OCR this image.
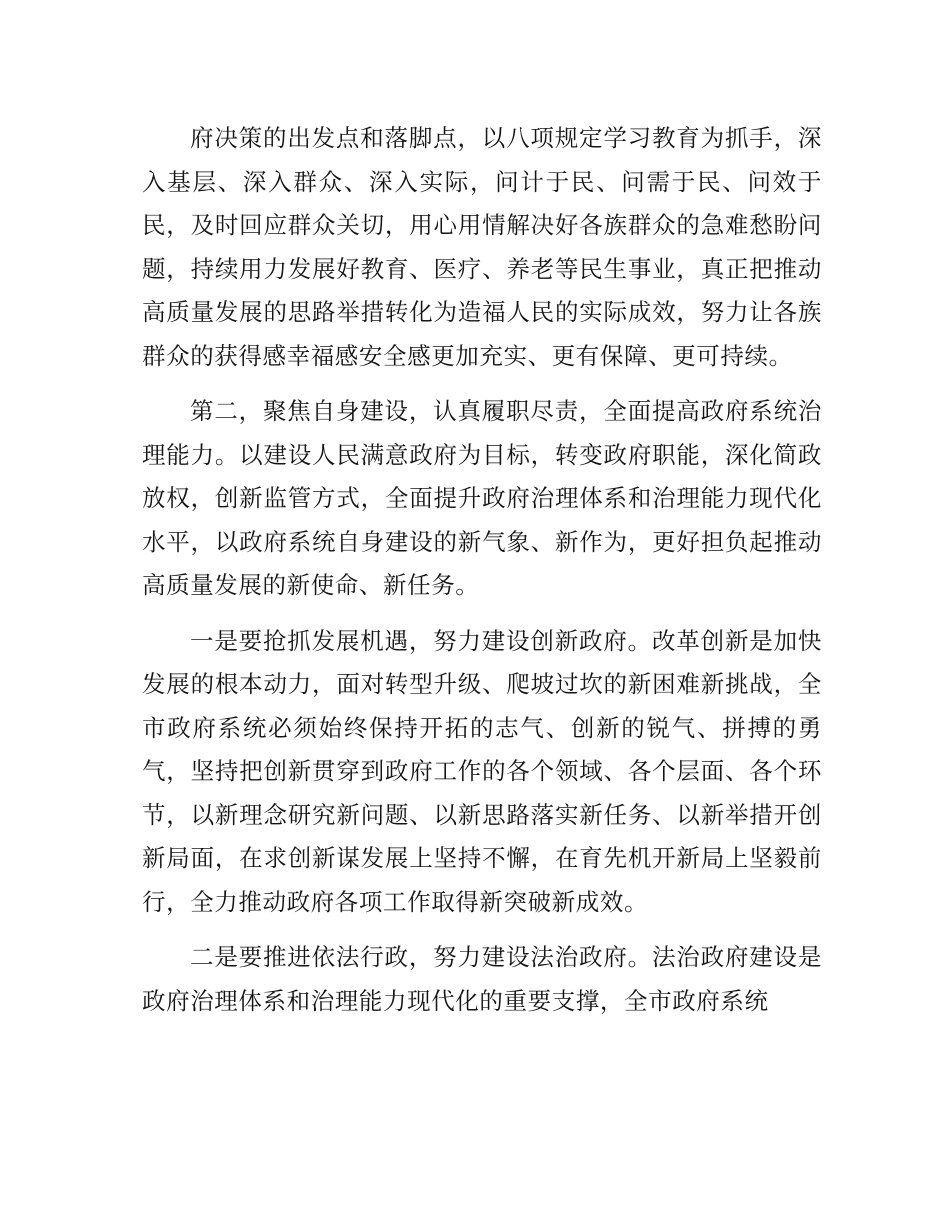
府决策的出发点和落脚点，以八项规定学习教育为抓手，深入基层、深入群众、深入实际，问计于民、问需于民、问效于民，及时回应群众关切，用心用情解决好各族群众的急难愁盼问题，持续用力发展好教育、医疗、养老等民生事业，真正把推动高质量发展的思路举措转化为造福人民的实际成效，努力让各族群众的获得感幸福感安全感更加充实、更有保障、更可持续。

第二，聚焦自身建设，认真履职尽责，全面提高政府系统治理能力。以建设人民满意政府为目标，转变政府职能，深化简政放权，创新监管方式，全面提升政府治理体系和治理能力现代化水平，以政府系统自身建设的新气象、新作为，更好担负起推动高质量发展的新使命、新任务。

一是要抢抓发展机遇，努力建设创新政府。改革创新是加快发展的根本动力，面对转型升级、爬坡过坎的新困难新挑战，全市政府系统必须始终保持开拓的志气、创新的锐气、拼搏的勇气，坚持把创新贯穿到政府工作的各个领域、各个层面、各个环节，以新理念研究新问题、以新思路落实新任务、以新举措开创新局面，在求创新谋发展上坚持不懈，在育先机开新局上坚毅前行，全力推动政府各项工作取得新突破新成效。

二是要推进依法行政，努力建设法治政府。法治政府建设是政府治理体系和治理能力现代化的重要支撑，全市政府系统
